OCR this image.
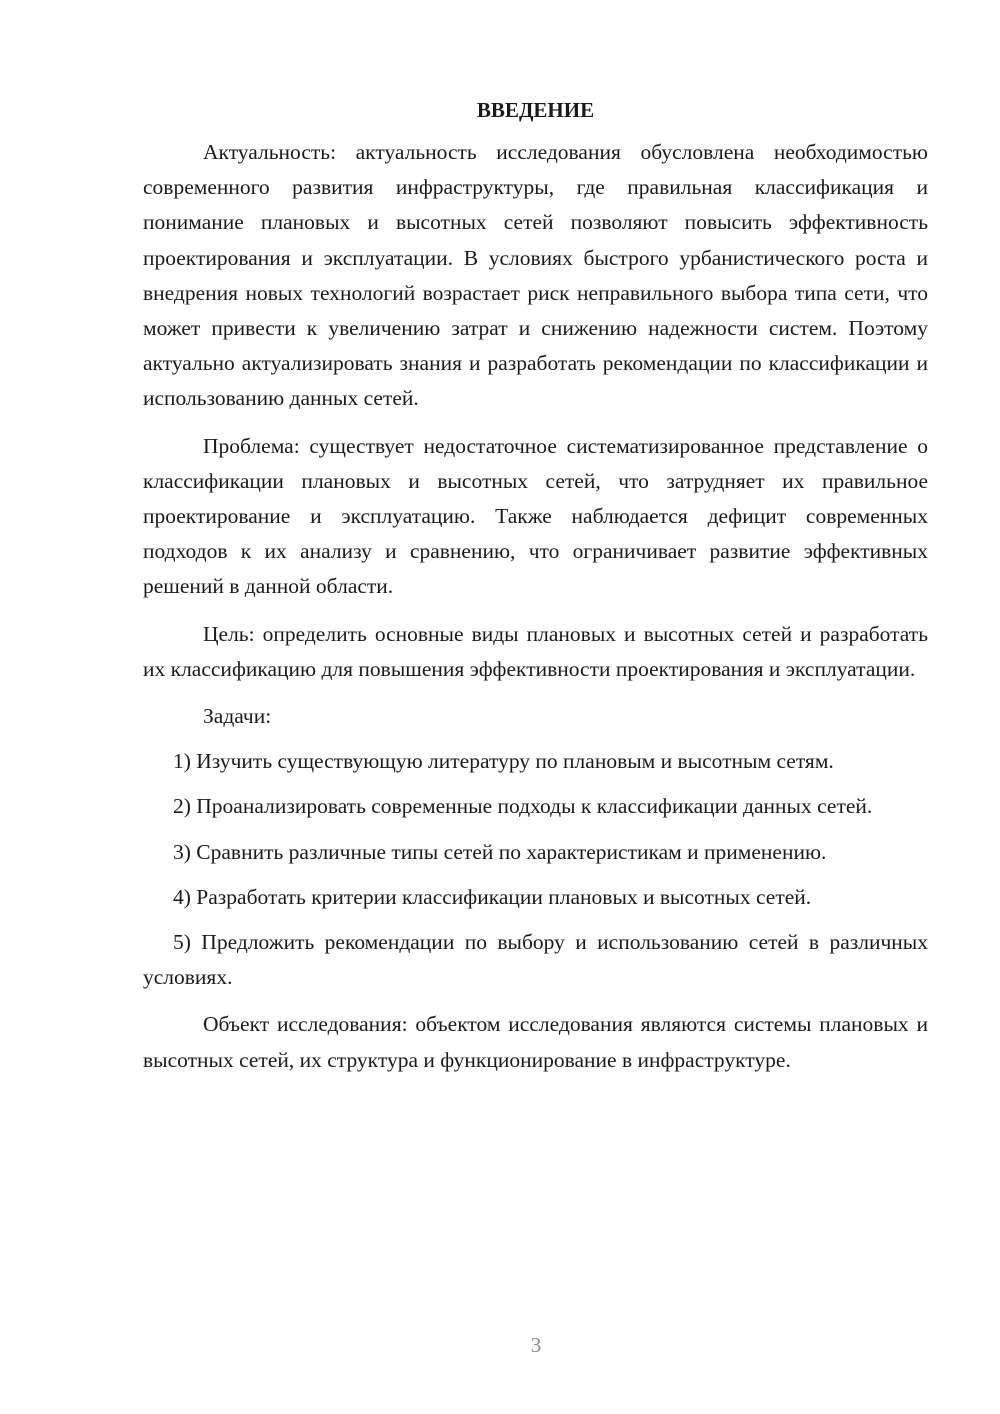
ВВЕДЕНИЕ

Актуальность: актуальность исследования обусловлена необходимостью современного развития инфраструктуры, где правильная классификация и понимание плановых и высотных сетей позволяют повысить эффективность проектирования и эксплуатации. В условиях быстрого урбанистического роста и внедрения новых технологий возрастает риск неправильного выбора типа сети, что может привести к увеличению затрат и снижению надежности систем. Поэтому актуально актуализировать знания и разработать рекомендации по классификации и использованию данных сетей.

Проблема: существует недостаточное систематизированное представление о классификации плановых и высотных сетей, что затрудняет их правильное проектирование и эксплуатацию. Также наблюдается дефицит современных подходов к их анализу и сравнению, что ограничивает развитие эффективных решений в данной области.

Цель: определить основные виды плановых и высотных сетей и разработать их классификацию для повышения эффективности проектирования и эксплуатации.

Задачи:

1) Изучить существующую литературу по плановым и высотным сетям.

2) Проанализировать современные подходы к классификации данных сетей.

3) Сравнить различные типы сетей по характеристикам и применению.

4) Разработать критерии классификации плановых и высотных сетей.

5) Предложить рекомендации по выбору и использованию сетей в различных условиях.

Объект исследования: объектом исследования являются системы плановых и высотных сетей, их структура и функционирование в инфраструктуре.

3
